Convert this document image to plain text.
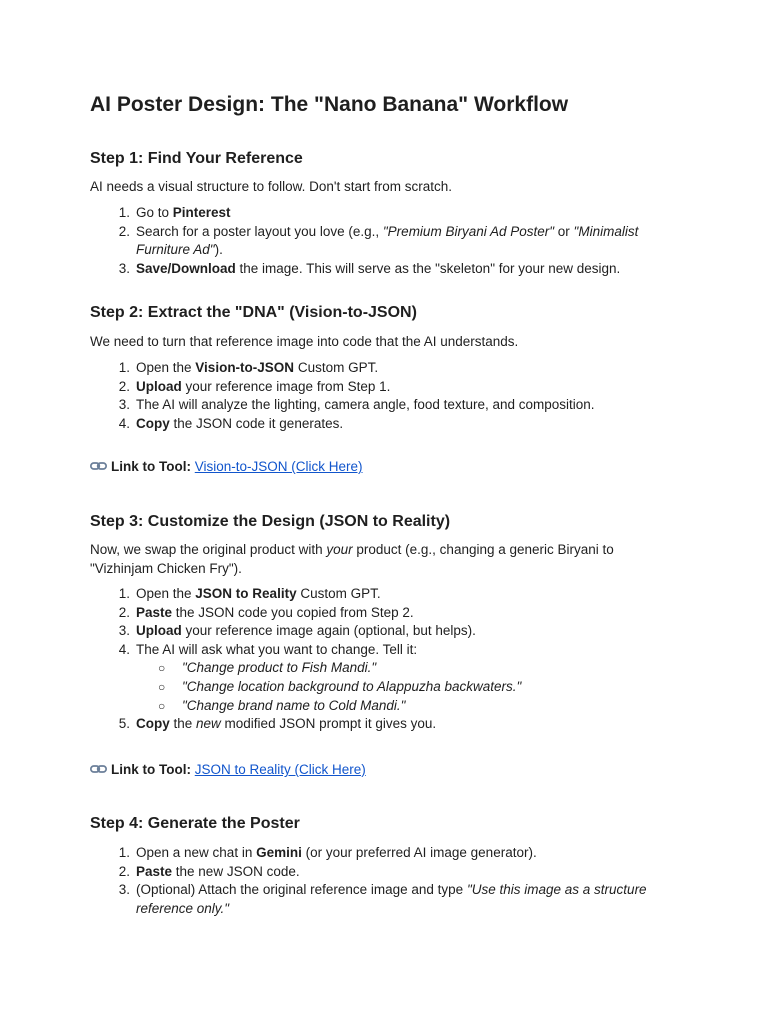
AI Poster Design: The "Nano Banana" Workflow
Step 1: Find Your Reference

AI needs a visual structure to follow. Don't start from scratch.

1. Go to Pinterest
2. Search for a poster layout you love (e.g., "Premium Biryani Ad Poster" or "Minimalist Furniture Ad").
3. Save/Download the image. This will serve as the "skeleton" for your new design.
Step 2: Extract the "DNA" (Vision-to-JSON)

We need to turn that reference image into code that the AI understands.

1. Open the Vision-to-JSON Custom GPT.
2. Upload your reference image from Step 1.
3. The AI will analyze the lighting, camera angle, food texture, and composition.
4. Copy the JSON code it generates.

Link to Tool: Vision-to-JSON (Click Here)

Step 3: Customize the Design (JSON to Reality)

Now, we swap the original product with your product (e.g., changing a generic Biryani to "Vizhinjam Chicken Fry").

1. Open the JSON to Reality Custom GPT.
2. Paste the JSON code you copied from Step 2.
3. Upload your reference image again (optional, but helps).
4. The AI will ask what you want to change. Tell it:
○ "Change product to Fish Mandi."
○ "Change location background to Alappuzha backwaters."
○ "Change brand name to Cold Mandi."
5. Copy the new modified JSON prompt it gives you.

Link to Tool: JSON to Reality (Click Here)

Step 4: Generate the Poster
1. Open a new chat in Gemini (or your preferred AI image generator).
2. Paste the new JSON code.
3. (Optional) Attach the original reference image and type "Use this image as a structure reference only."
